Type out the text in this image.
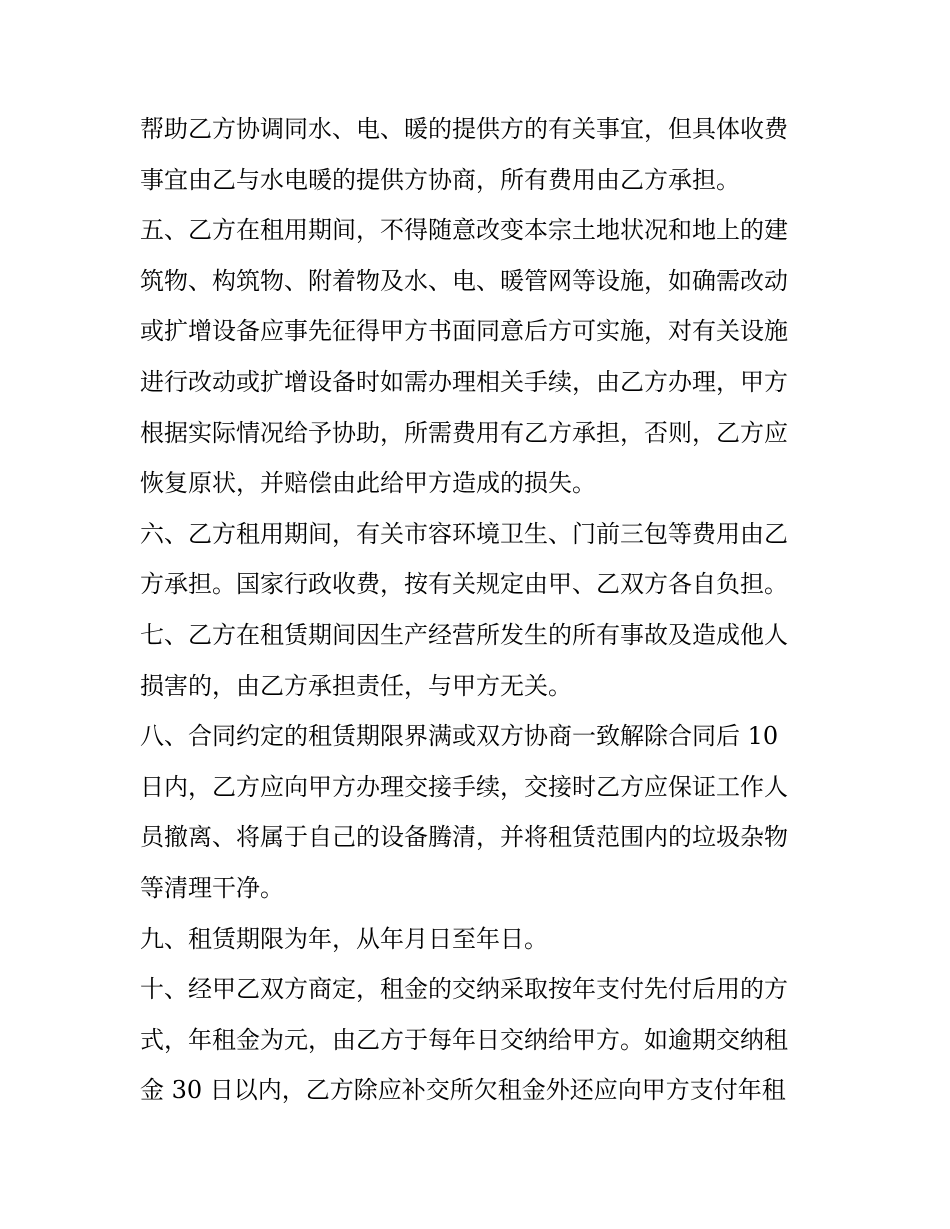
帮助乙方协调同水、电、暖的提供方的有关事宜，但具体收费
事宜由乙与水电暖的提供方协商，所有费用由乙方承担。
五、乙方在租用期间，不得随意改变本宗土地状况和地上的建
筑物、构筑物、附着物及水、电、暖管网等设施，如确需改动
或扩增设备应事先征得甲方书面同意后方可实施，对有关设施
进行改动或扩增设备时如需办理相关手续，由乙方办理，甲方
根据实际情况给予协助，所需费用有乙方承担，否则，乙方应
恢复原状，并赔偿由此给甲方造成的损失。
六、乙方租用期间，有关市容环境卫生、门前三包等费用由乙
方承担。国家行政收费，按有关规定由甲、乙双方各自负担。
七、乙方在租赁期间因生产经营所发生的所有事故及造成他人
损害的，由乙方承担责任，与甲方无关。
八、合同约定的租赁期限界满或双方协商一致解除合同后 10
日内，乙方应向甲方办理交接手续，交接时乙方应保证工作人
员撤离、将属于自己的设备腾清，并将租赁范围内的垃圾杂物
等清理干净。
九、租赁期限为年，从年月日至年日。
十、经甲乙双方商定，租金的交纳采取按年支付先付后用的方
式，年租金为元，由乙方于每年日交纳给甲方。如逾期交纳租
金 30 日以内，乙方除应补交所欠租金外还应向甲方支付年租
